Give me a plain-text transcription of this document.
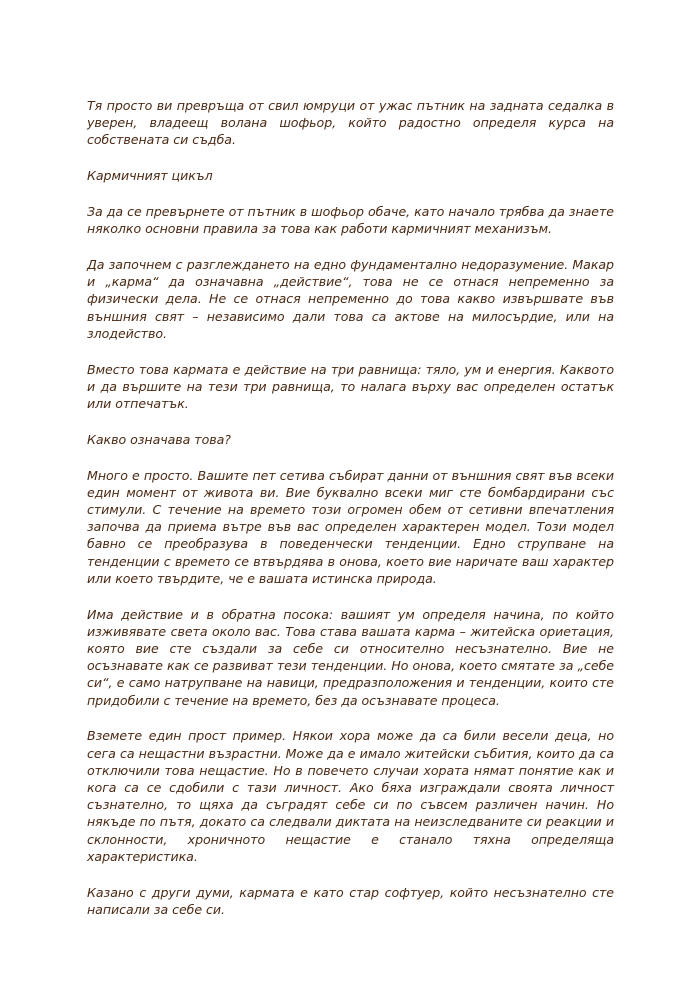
Тя просто ви превръща от свил юмруци от ужас пътник на задната седалка в уверен, владеещ волана шофьор, който радостно определя курса на собствената си съдба.

Кармичният цикъл

За да се превърнете от пътник в шофьор обаче, като начало трябва да знаете няколко основни правила за това как работи кармичният механизъм.

Да започнем с разглеждането на едно фундаментално недоразумение. Макар и „карма“ да означавна „действие“, това не се отнася непременно за физически дела. Не се отнася непременно до това какво извършвате във външния свят – независимо дали това са актове на милосърдие, или на злодейство.

Вместо това кармата е действие на три равнища: тяло, ум и енергия. Каквото и да вършите на тези три равнища, то налага върху вас определен остатък или отпечатък.

Какво означава това?

Много е просто. Вашите пет сетива събират данни от външния свят във всеки един момент от живота ви. Вие буквално всеки миг сте бомбардирани със стимули. С течение на времето този огромен обем от сетивни впечатления започва да приема вътре във вас определен характерен модел. Този модел бавно се преобразува в поведенчески тенденции. Едно струпване на тенденции с времето се втвърдява в онова, което вие наричате ваш характер или което твърдите, че е вашата истинска природа.

Има действие и в обратна посока: вашият ум определя начина, по който изживявате света около вас. Това става вашата карма – житейска ориетация, която вие сте създали за себе си относително несъзнателно. Вие не осъзнавате как се развиват тези тенденции. Но онова, което смятате за „себе си“, е само натрупване на навици, предразположения и тенденции, които сте придобили с течение на времето, без да осъзнавате процеса.

Вземете един прост пример. Някои хора може да са били весели деца, но сега са нещастни възрастни. Може да е имало житейски събития, които да са отключили това нещастие. Но в повечето случаи хората нямат понятие как и кога са се сдобили с тази личност. Ако бяха изграждали своята личност съзнателно, то щяха да съградят себе си по съвсем различен начин. Но някъде по пътя, докато са следвали диктата на неизследваните си реакции и склонности, хроничното нещастие е станало тяхна определяща характеристика.

Казано с други думи, кармата е като стар софтуер, който несъзнателно сте написали за себе си.
